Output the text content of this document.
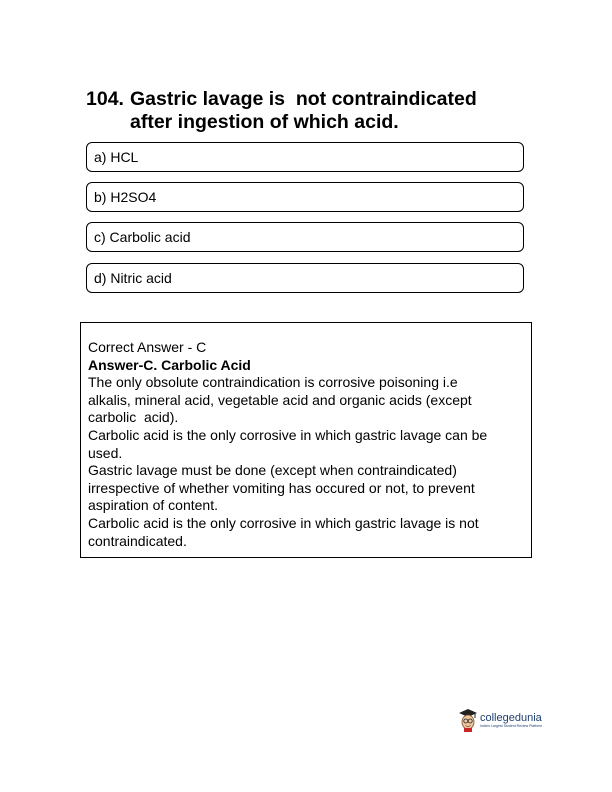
104. Gastric lavage is  not contraindicated
after ingestion of which acid.
a) HCL
b) H2SO4
c) Carbolic acid
d) Nitric acid
Correct Answer - C
Answer-C. Carbolic Acid
The only obsolute contraindication is corrosive poisoning i.e
alkalis, mineral acid, vegetable acid and organic acids (except
carbolic  acid).
Carbolic acid is the only corrosive in which gastric lavage can be
used.
Gastric lavage must be done (except when contraindicated)
irrespective of whether vomiting has occured or not, to prevent
aspiration of content.
Carbolic acid is the only corrosive in which gastric lavage is not
contraindicated.
collegedunia
India's Largest Student Review Platform
